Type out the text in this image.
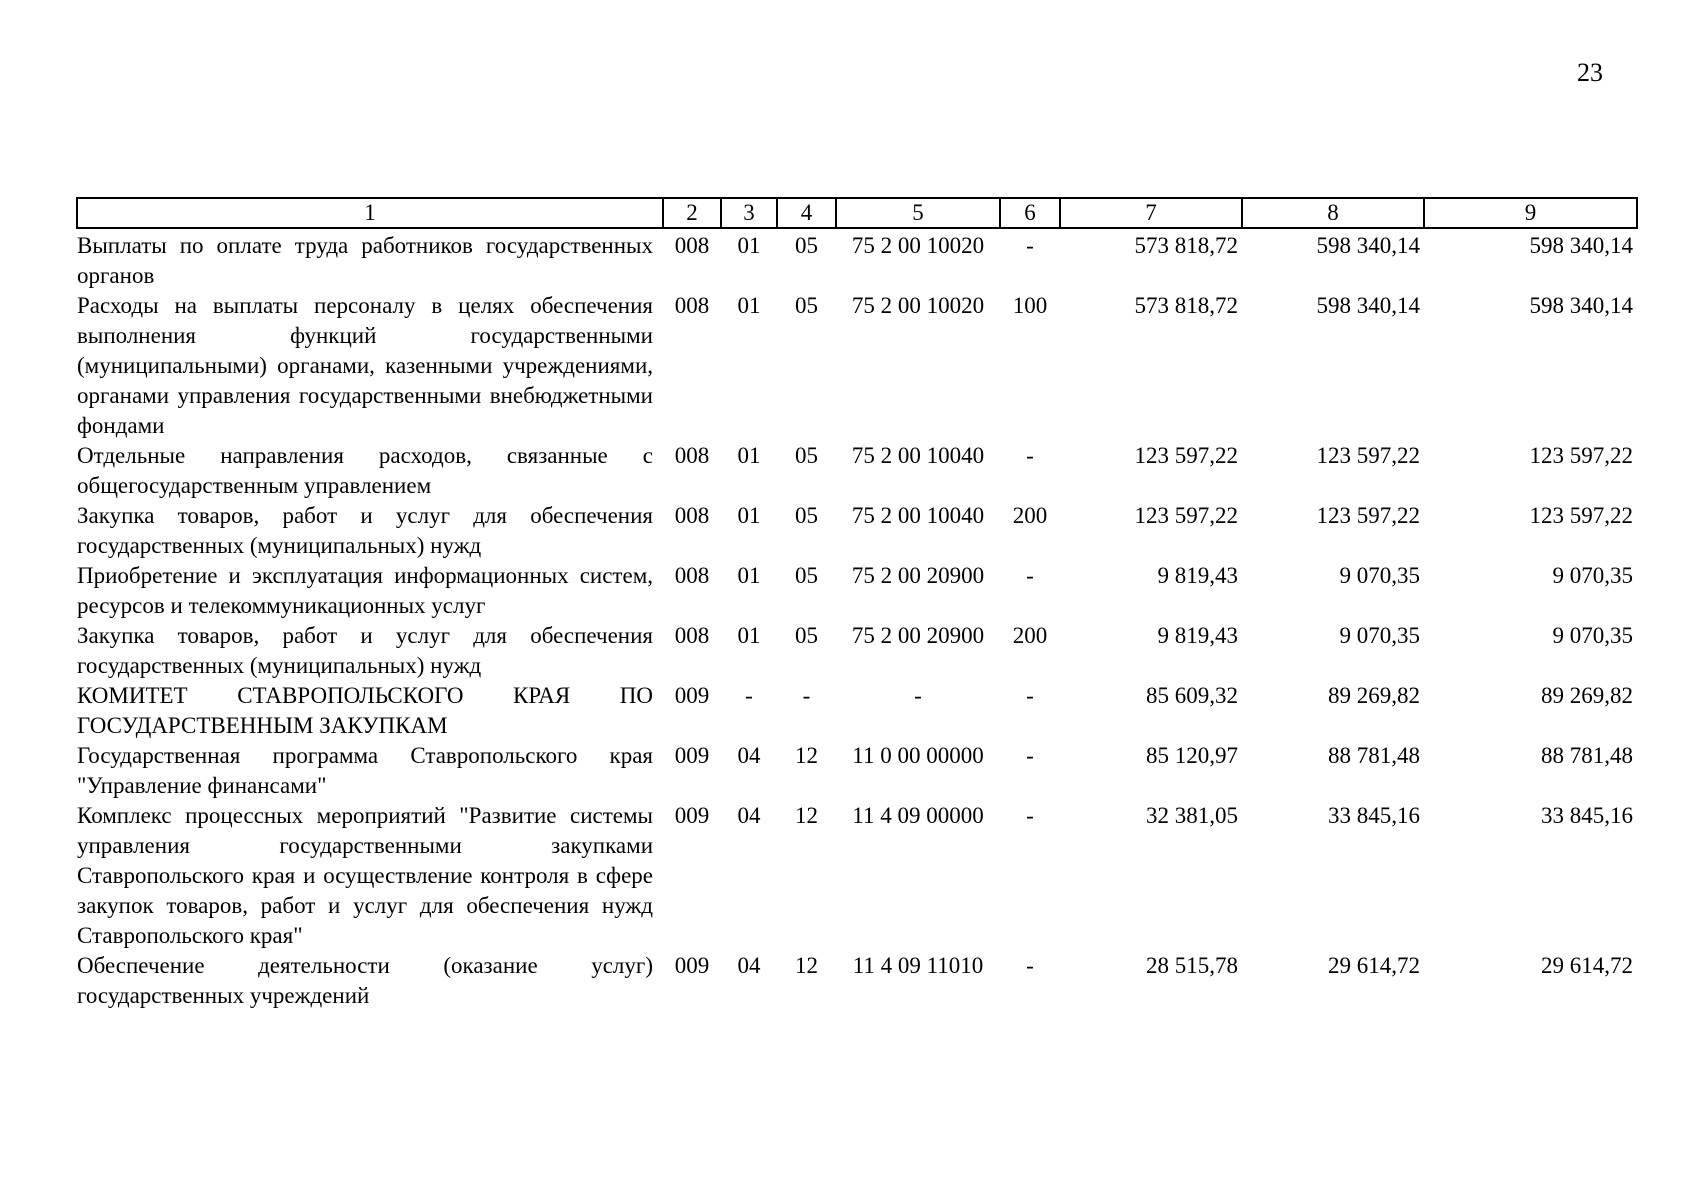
23
1	2	3	4	5	6	7	8	9
Выплаты по оплате труда работников государственных органов	008	01	05	75 2 00 10020	-	573 818,72	598 340,14	598 340,14
Расходы на выплаты персоналу в целях обеспечения выполнения функций государственными (муниципальными) органами, казенными учреждениями, органами управления государственными внебюджетными фондами	008	01	05	75 2 00 10020	100	573 818,72	598 340,14	598 340,14
Отдельные направления расходов, связанные с общегосударственным управлением	008	01	05	75 2 00 10040	-	123 597,22	123 597,22	123 597,22
Закупка товаров, работ и услуг для обеспечения государственных (муниципальных) нужд	008	01	05	75 2 00 10040	200	123 597,22	123 597,22	123 597,22
Приобретение и эксплуатация информационных систем, ресурсов и телекоммуникационных услуг	008	01	05	75 2 00 20900	-	9 819,43	9 070,35	9 070,35
Закупка товаров, работ и услуг для обеспечения государственных (муниципальных) нужд	008	01	05	75 2 00 20900	200	9 819,43	9 070,35	9 070,35
КОМИТЕТ СТАВРОПОЛЬСКОГО КРАЯ ПО ГОСУДАРСТВЕННЫМ ЗАКУПКАМ	009	-	-	-	-	85 609,32	89 269,82	89 269,82
Государственная программа Ставропольского края "Управление финансами"	009	04	12	11 0 00 00000	-	85 120,97	88 781,48	88 781,48
Комплекс процессных мероприятий "Развитие системы управления государственными закупками Ставропольского края и осуществление контроля в сфере закупок товаров, работ и услуг для обеспечения нужд Ставропольского края"	009	04	12	11 4 09 00000	-	32 381,05	33 845,16	33 845,16
Обеспечение деятельности (оказание услуг) государственных учреждений	009	04	12	11 4 09 11010	-	28 515,78	29 614,72	29 614,72
